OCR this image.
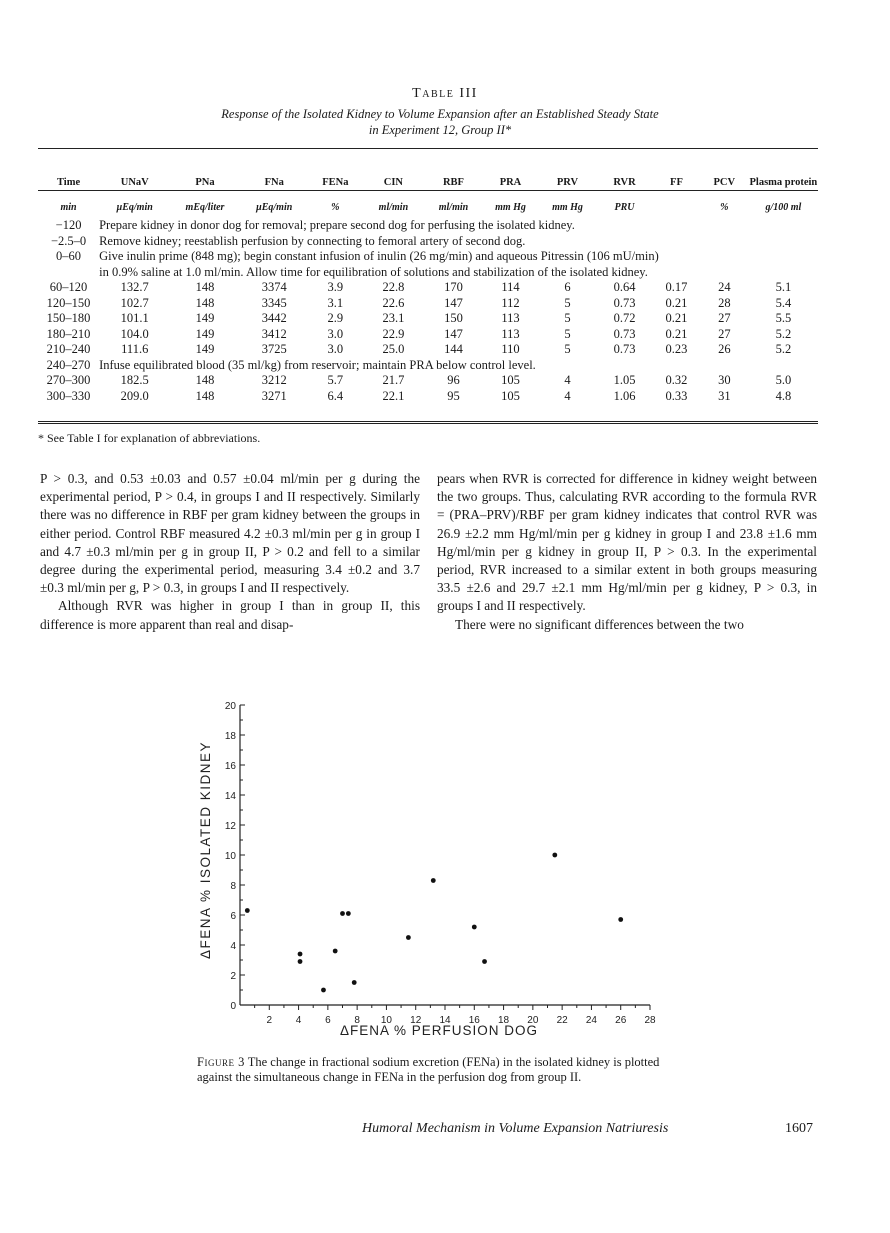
Table III
Response of the Isolated Kidney to Volume Expansion after an Established Steady State
in Experiment 12, Group II*
Time	UNaV	PNa	FNa	FENa	CIN	RBF	PRA	PRV	RVR	FF	PCV	Plasma protein
min	μEq/min	mEq/liter	μEq/min	%	ml/min	ml/min	mm Hg	mm Hg	PRU		%	g/100 ml
−120	Prepare kidney in donor dog for removal; prepare second dog for perfusing the isolated kidney.											
−2.5–0	Remove kidney; reestablish perfusion by connecting to femoral artery of second dog.											
0–60	Give inulin prime (848 mg); begin constant infusion of inulin (26 mg/min) and aqueous Pitressin (106 mU/min)											
	in 0.9% saline at 1.0 ml/min. Allow time for equilibration of solutions and stabilization of the isolated kidney.											
60–120	132.7	148	3374	3.9	22.8	170	114	6	0.64	0.17	24	5.1
120–150	102.7	148	3345	3.1	22.6	147	112	5	0.73	0.21	28	5.4
150–180	101.1	149	3442	2.9	23.1	150	113	5	0.72	0.21	27	5.5
180–210	104.0	149	3412	3.0	22.9	147	113	5	0.73	0.21	27	5.2
210–240	111.6	149	3725	3.0	25.0	144	110	5	0.73	0.23	26	5.2
240–270	Infuse equilibrated blood (35 ml/kg) from reservoir; maintain PRA below control level.											
270–300	182.5	148	3212	5.7	21.7	96	105	4	1.05	0.32	30	5.0
300–330	209.0	148	3271	6.4	22.1	95	105	4	1.06	0.33	31	4.8
* See Table I for explanation of abbreviations.

P > 0.3, and 0.53 ±0.03 and 0.57 ±0.04 ml/min per g during the experimental period, P > 0.4, in groups I and II respectively. Similarly there was no difference in RBF per gram kidney between the groups in either period. Control RBF measured 4.2 ±0.3 ml/min per g in group I and 4.7 ±0.3 ml/min per g in group II, P > 0.2 and fell to a similar degree during the experimental period, measuring 3.4 ±0.2 and 3.7 ±0.3 ml/min per g, P > 0.3, in groups I and II respectively.

Although RVR was higher in group I than in group II, this difference is more apparent than real and disap-

pears when RVR is corrected for difference in kidney weight between the two groups. Thus, calculating RVR according to the formula RVR = (PRA–PRV)/RBF per gram kidney indicates that control RVR was 26.9 ±2.2 mm Hg/ml/min per g kidney in group I and 23.8 ±1.6 mm Hg/ml/min per g kidney in group II, P > 0.3. In the experimental period, RVR increased to a similar extent in both groups measuring 33.5 ±2.6 and 29.7 ±2.1 mm Hg/ml/min per g kidney, P > 0.3, in groups I and II respectively.

There were no significant differences between the two

2 4 6 8 10 12 14 16 18 20 22 24 26 28
2
4
6
8
10
12
14
16
18
20
0
ΔFENA % ISOLATED KIDNEY
ΔFENA % PERFUSION DOG
Figure 3 The change in fractional sodium excretion (FENa) in the isolated kidney is plotted against the simultaneous change in FENa in the perfusion dog from group II.
Humoral Mechanism in Volume Expansion Natriuresis	1607
